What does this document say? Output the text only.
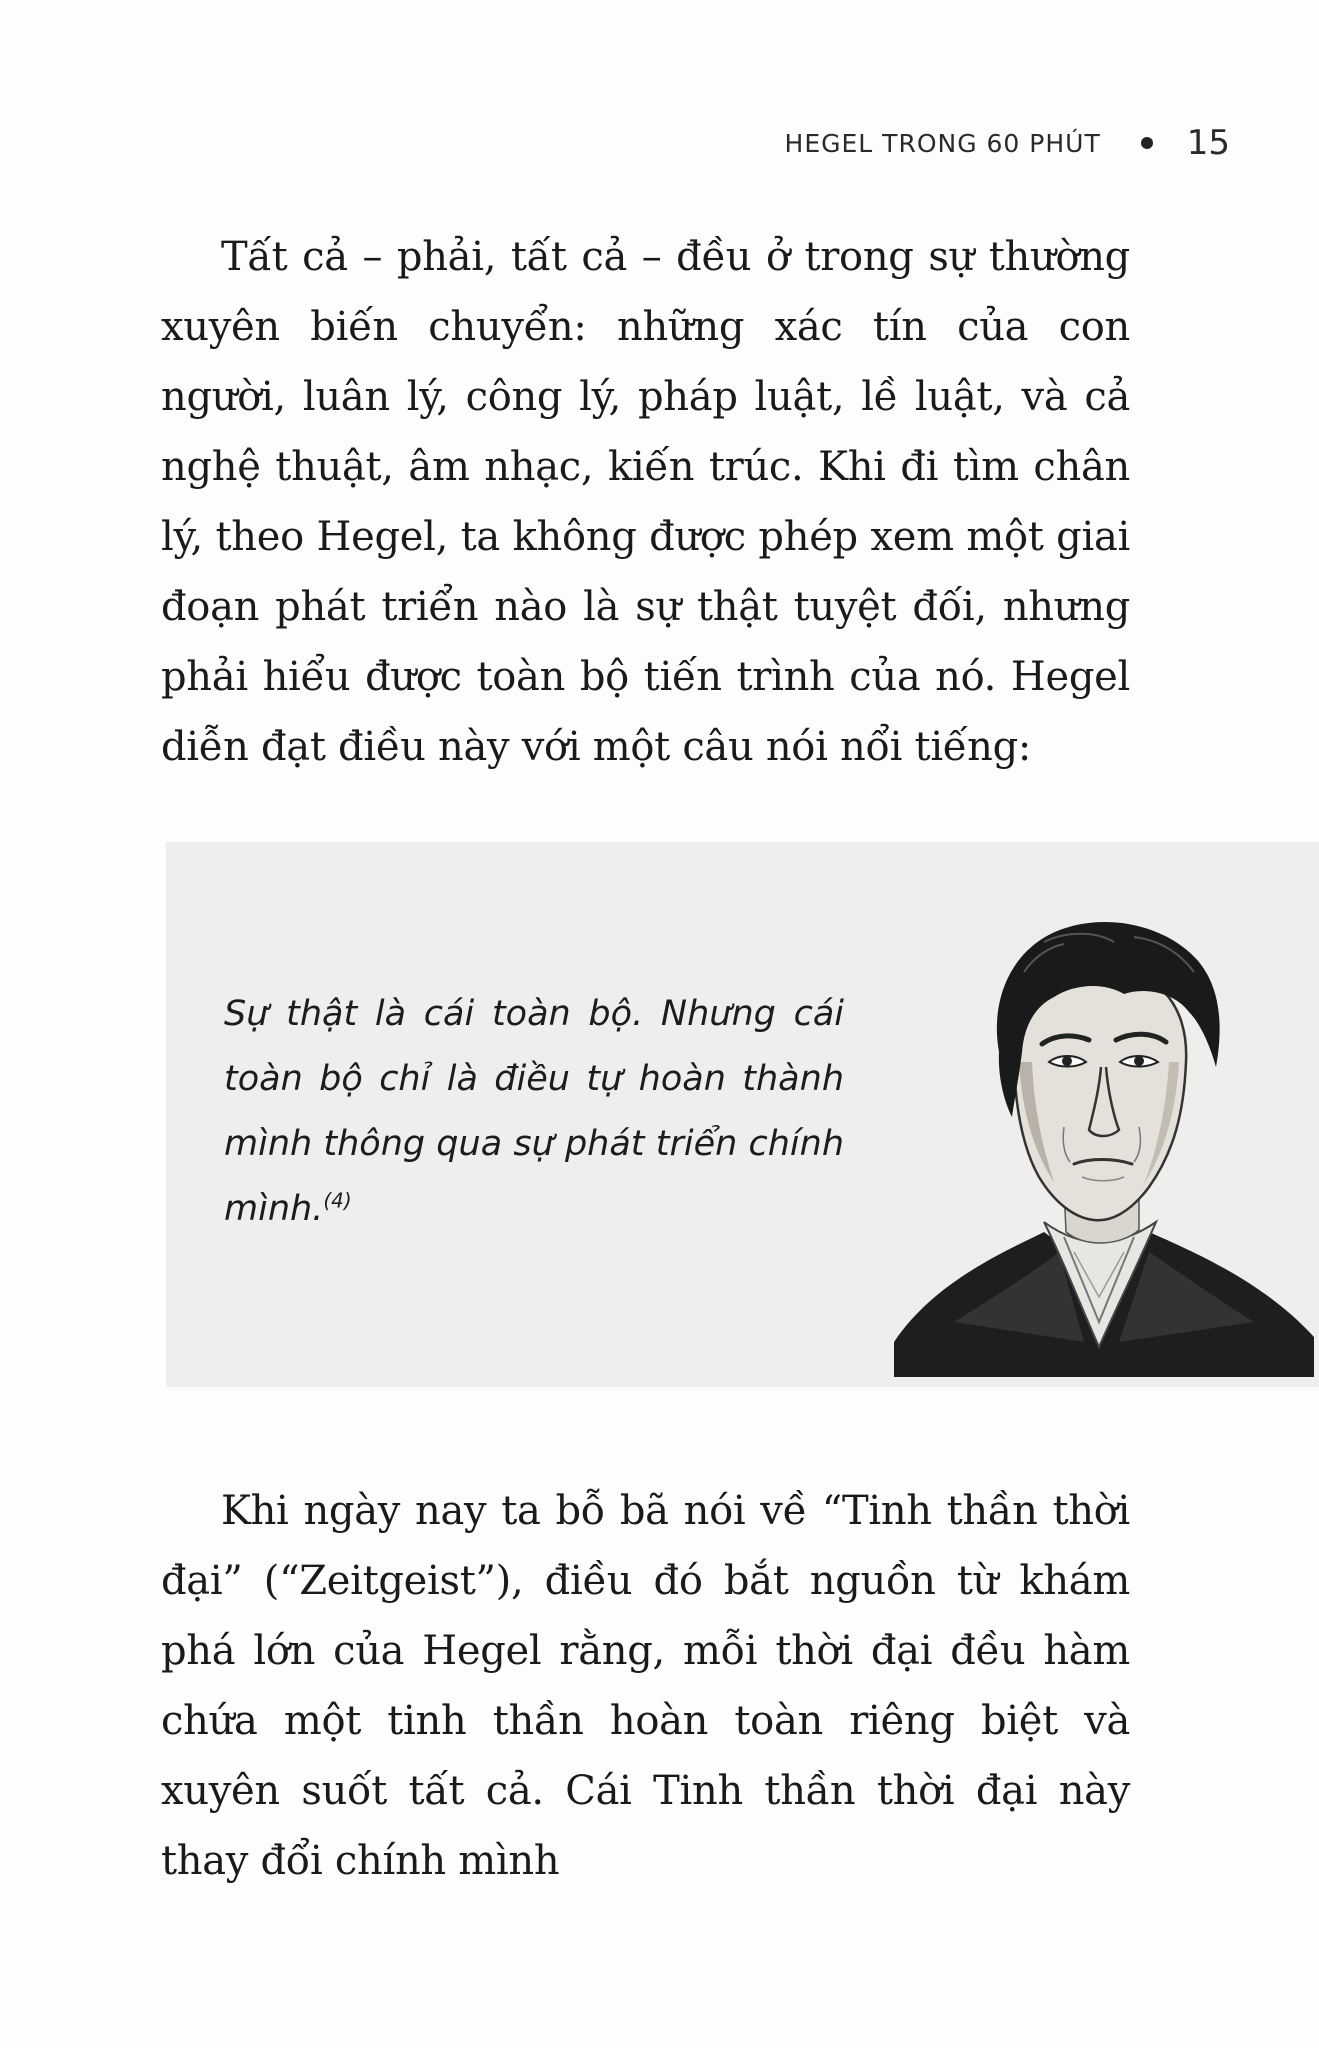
HEGEL TRONG 60 PHÚT	15

Tất cả – phải, tất cả – đều ở trong sự thường xuyên biến chuyển: những xác tín của con người, luân lý, công lý, pháp luật, lề luật, và cả nghệ thuật, âm nhạc, kiến trúc. Khi đi tìm chân lý, theo Hegel, ta không được phép xem một giai đoạn phát triển nào là sự thật tuyệt đối, nhưng phải hiểu được toàn bộ tiến trình của nó. Hegel diễn đạt điều này với một câu nói nổi tiếng:

Sự thật là cái toàn bộ. Nhưng cái toàn bộ chỉ là điều tự hoàn thành mình thông qua sự phát triển chính mình.$^{(4)}$

Khi ngày nay ta bỗ bã nói về “Tinh thần thời đại” (“Zeitgeist”), điều đó bắt nguồn từ khám phá lớn của Hegel rằng, mỗi thời đại đều hàm chứa một tinh thần hoàn toàn riêng biệt và xuyên suốt tất cả. Cái Tinh thần thời đại này thay đổi chính mình
